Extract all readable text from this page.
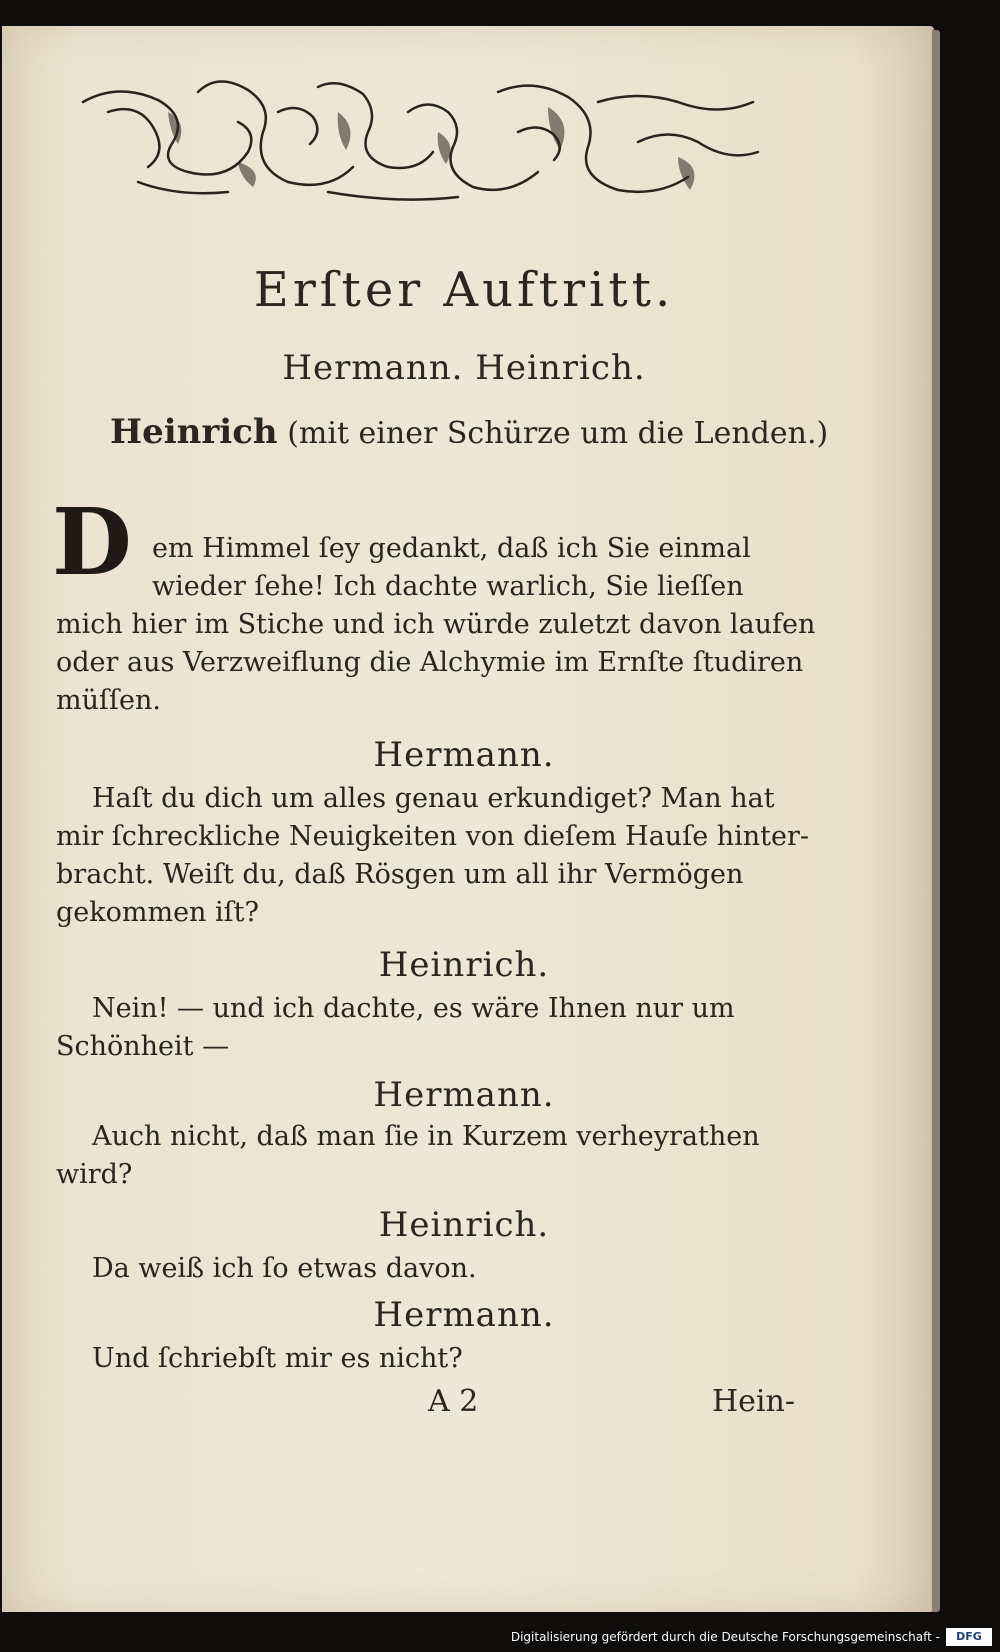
Erſter Auftritt.
Hermann. Heinrich.
Heinrich (mit einer Schürze um die Lenden.)
D em Himmel ſey gedankt, daß ich Sie einmal
wieder ſehe! Ich dachte warlich, Sie lieſſen
mich hier im Stiche und ich würde zuletzt davon laufen
oder aus Verzweiflung die Alchymie im Ernſte ſtudiren
müſſen.
Hermann.
Haſt du dich um alles genau erkundiget? Man hat
mir ſchreckliche Neuigkeiten von dieſem Hauſe hinter-
bracht. Weiſt du, daß Rösgen um all ihr Vermögen
gekommen iſt?
Heinrich.
Nein! — und ich dachte, es wäre Ihnen nur um
Schönheit —
Hermann.
Auch nicht, daß man ſie in Kurzem verheyrathen
wird?
Heinrich.
Da weiß ich ſo etwas davon.
Hermann.
Und ſchriebſt mir es nicht?
A 2	Hein-
Digitalisierung gefördert durch die Deutsche Forschungsgemeinschaft -	DFG
